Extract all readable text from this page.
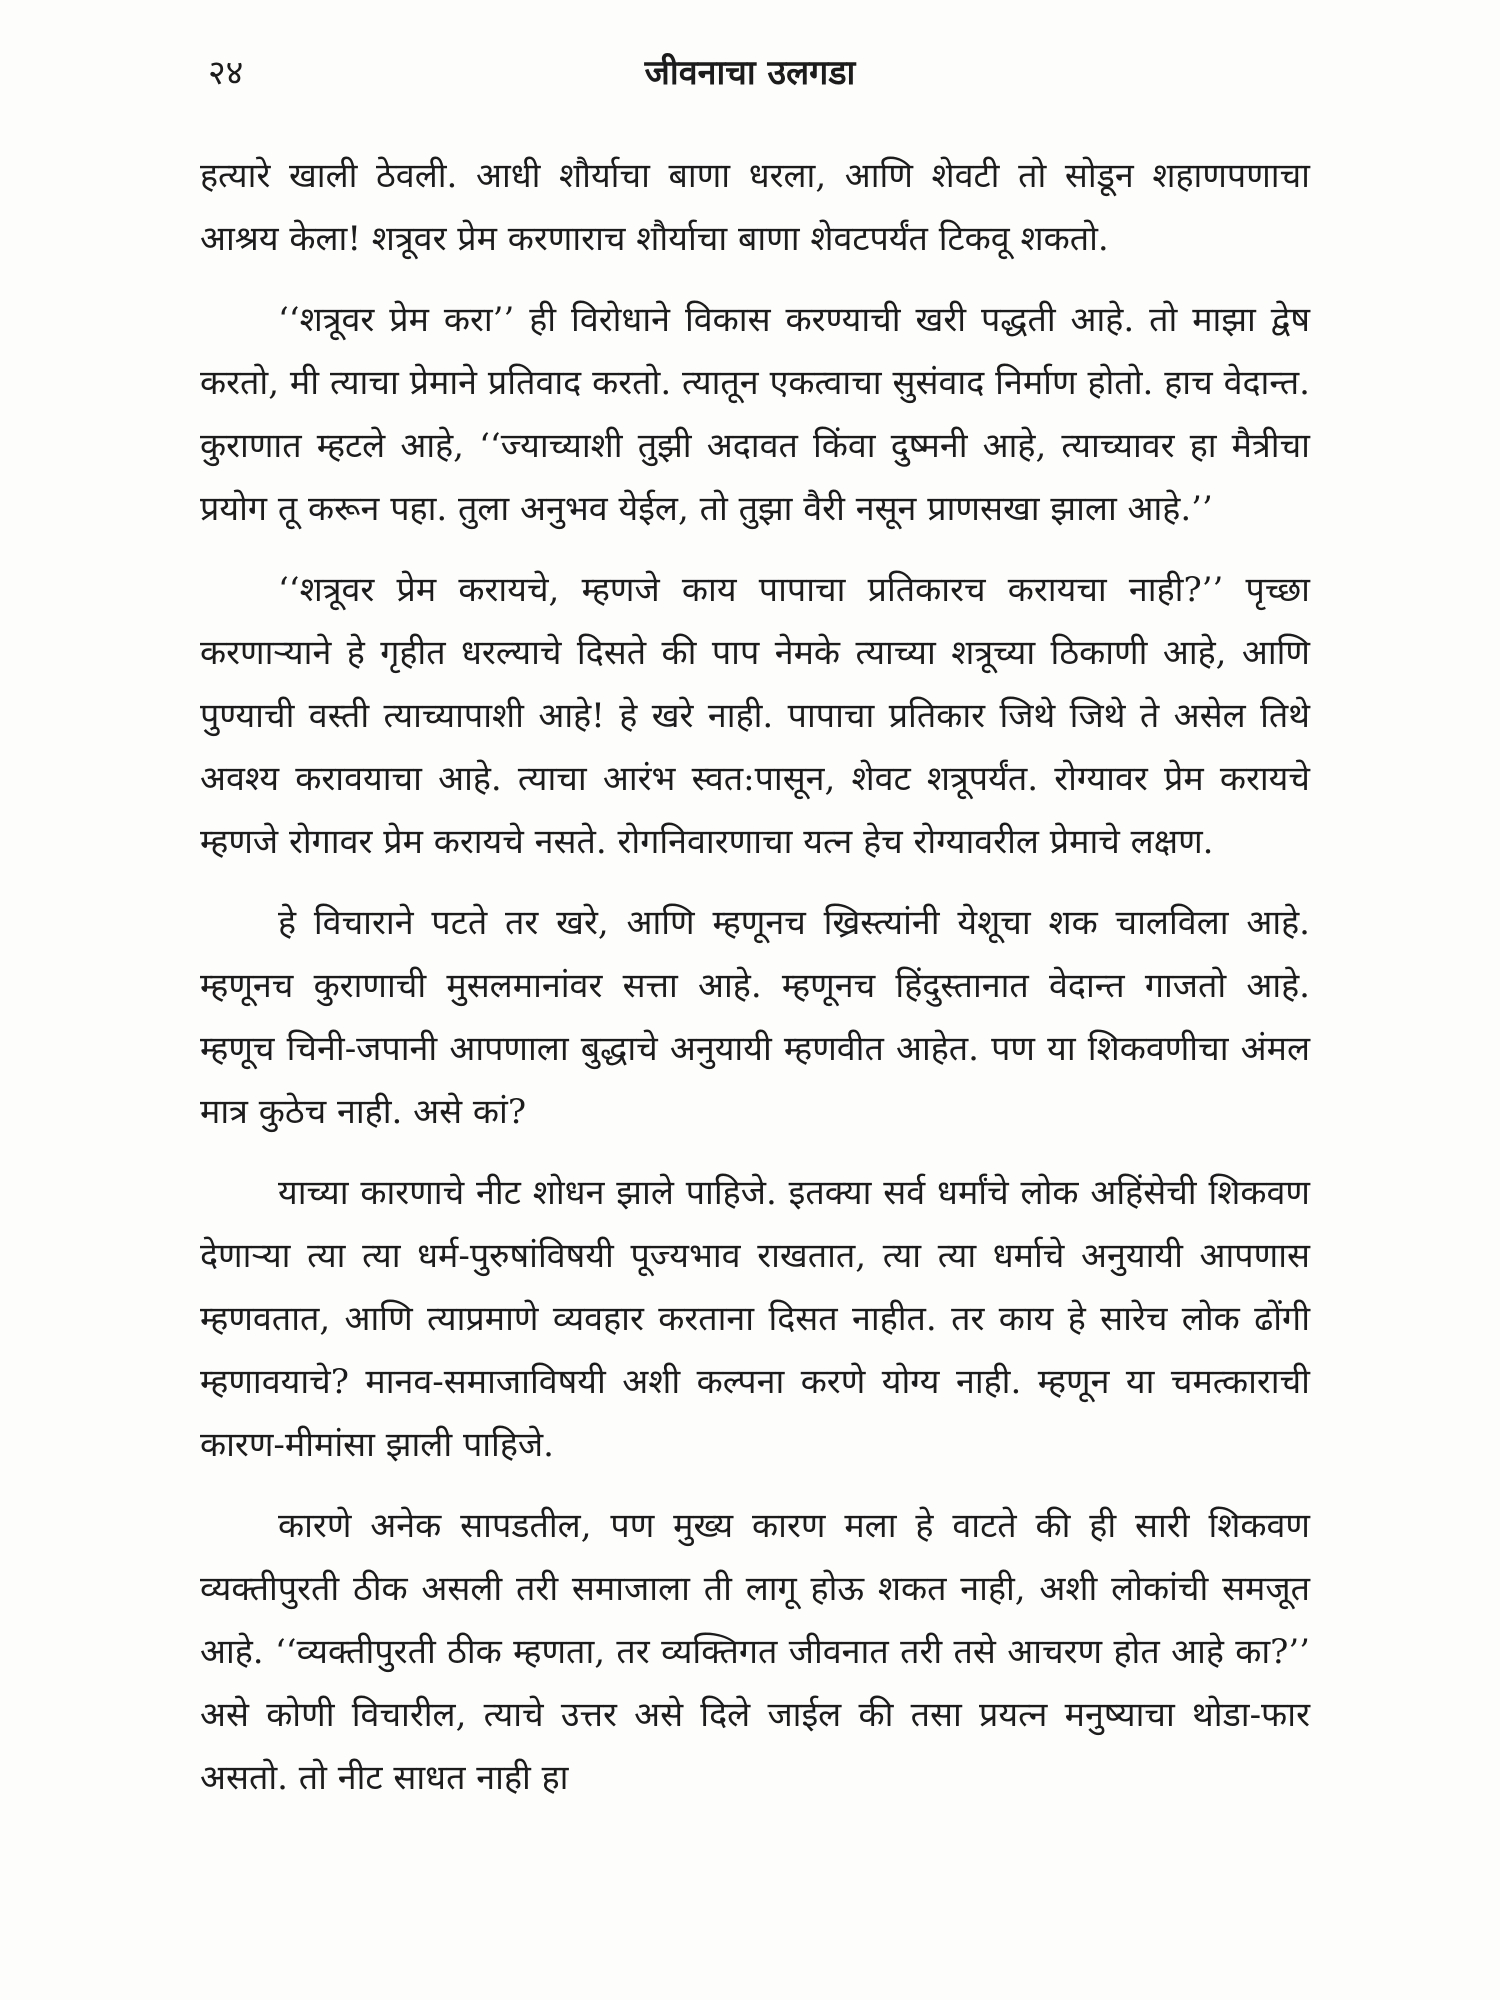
२४	जीवनाचा उलगडा

हत्यारे खाली ठेवली. आधी शौर्याचा बाणा धरला, आणि शेवटी तो सोडून शहाणपणाचा आश्रय केला! शत्रूवर प्रेम करणाराच शौर्याचा बाणा शेवटपर्यंत टिकवू शकतो.

‘‘शत्रूवर प्रेम करा’’ ही विरोधाने विकास करण्याची खरी पद्धती आहे. तो माझा द्वेष करतो, मी त्याचा प्रेमाने प्रतिवाद करतो. त्यातून एकत्वाचा सुसंवाद निर्माण होतो. हाच वेदान्त. कुराणात म्हटले आहे, ‘‘ज्याच्याशी तुझी अदावत किंवा दुष्मनी आहे, त्याच्यावर हा मैत्रीचा प्रयोग तू करून पहा. तुला अनुभव येईल, तो तुझा वैरी नसून प्राणसखा झाला आहे.’’

‘‘शत्रूवर प्रेम करायचे, म्हणजे काय पापाचा प्रतिकारच करायचा नाही?’’ पृच्छा करणाऱ्याने हे गृहीत धरल्याचे दिसते की पाप नेमके त्याच्या शत्रूच्या ठिकाणी आहे, आणि पुण्याची वस्ती त्याच्यापाशी आहे! हे खरे नाही. पापाचा प्रतिकार जिथे जिथे ते असेल तिथे अवश्य करावयाचा आहे. त्याचा आरंभ स्वत:पासून, शेवट शत्रूपर्यंत. रोग्यावर प्रेम करायचे म्हणजे रोगावर प्रेम करायचे नसते. रोगनिवारणाचा यत्न हेच रोग्यावरील प्रेमाचे लक्षण.

हे विचाराने पटते तर खरे, आणि म्हणूनच ख्रिस्त्यांनी येशूचा शक चालविला आहे. म्हणूनच कुराणाची मुसलमानांवर सत्ता आहे. म्हणूनच हिंदुस्तानात वेदान्त गाजतो आहे. म्हणूच चिनी-जपानी आपणाला बुद्धाचे अनुयायी म्हणवीत आहेत. पण या शिकवणीचा अंमल मात्र कुठेच नाही. असे कां?

याच्या कारणाचे नीट शोधन झाले पाहिजे. इतक्या सर्व धर्मांचे लोक अहिंसेची शिकवण देणाऱ्या त्या त्या धर्म-पुरुषांविषयी पूज्यभाव राखतात, त्या त्या धर्माचे अनुयायी आपणास म्हणवतात, आणि त्याप्रमाणे व्यवहार करताना दिसत नाहीत. तर काय हे सारेच लोक ढोंगी म्हणावयाचे? मानव-समाजाविषयी अशी कल्पना करणे योग्य नाही. म्हणून या चमत्काराची कारण-मीमांसा झाली पाहिजे.

कारणे अनेक सापडतील, पण मुख्य कारण मला हे वाटते की ही सारी शिकवण व्यक्तीपुरती ठीक असली तरी समाजाला ती लागू होऊ शकत नाही, अशी लोकांची समजूत आहे. ‘‘व्यक्तीपुरती ठीक म्हणता, तर व्यक्तिगत जीवनात तरी तसे आचरण होत आहे का?’’ असे कोणी विचारील, त्याचे उत्तर असे दिले जाईल की तसा प्रयत्न मनुष्याचा थोडा-फार असतो. तो नीट साधत नाही हा
